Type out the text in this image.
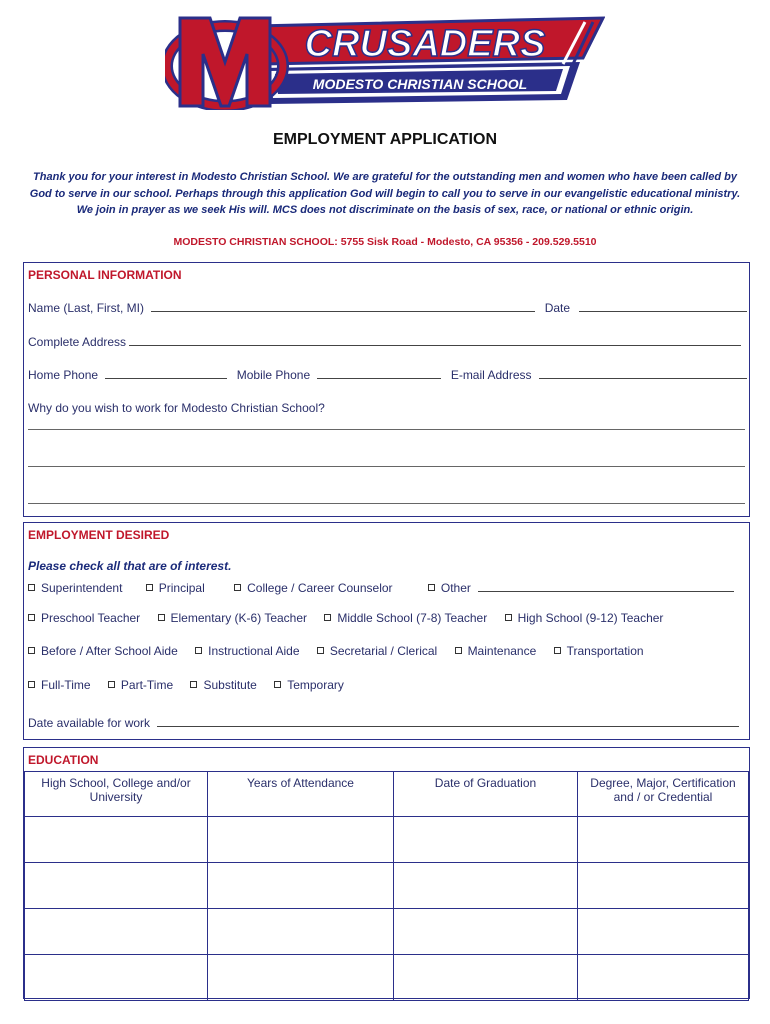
CRUSADERS
MODESTO CHRISTIAN SCHOOL
EMPLOYMENT APPLICATION
Thank you for your interest in Modesto Christian School. We are grateful for the outstanding men and women who have been called by God to serve in our school. Perhaps through this application God will begin to call you to serve in our evangelistic educational ministry. We join in prayer as we seek His will. MCS does not discriminate on the basis of sex, race, or national or ethnic origin.
MODESTO CHRISTIAN SCHOOL: 5755 Sisk Road - Modesto, CA 95356 - 209.529.5510
PERSONAL INFORMATION
Name (Last, First, MI)	Date
Complete Address
Home Phone	Mobile Phone	E-mail Address
Why do you wish to work for Modesto Christian School?
EMPLOYMENT DESIRED
Please check all that are of interest.
Superintendent	Principal	College / Career Counselor	Other
Preschool Teacher	Elementary (K-6) Teacher	Middle School (7-8) Teacher	High School (9-12) Teacher
Before / After School Aide	Instructional Aide	Secretarial / Clerical	Maintenance	Transportation
Full-Time	Part-Time	Substitute	Temporary
Date available for work
EDUCATION
High School, College and/or University	Years of Attendance	Date of Graduation	Degree, Major, Certification and / or Credential
